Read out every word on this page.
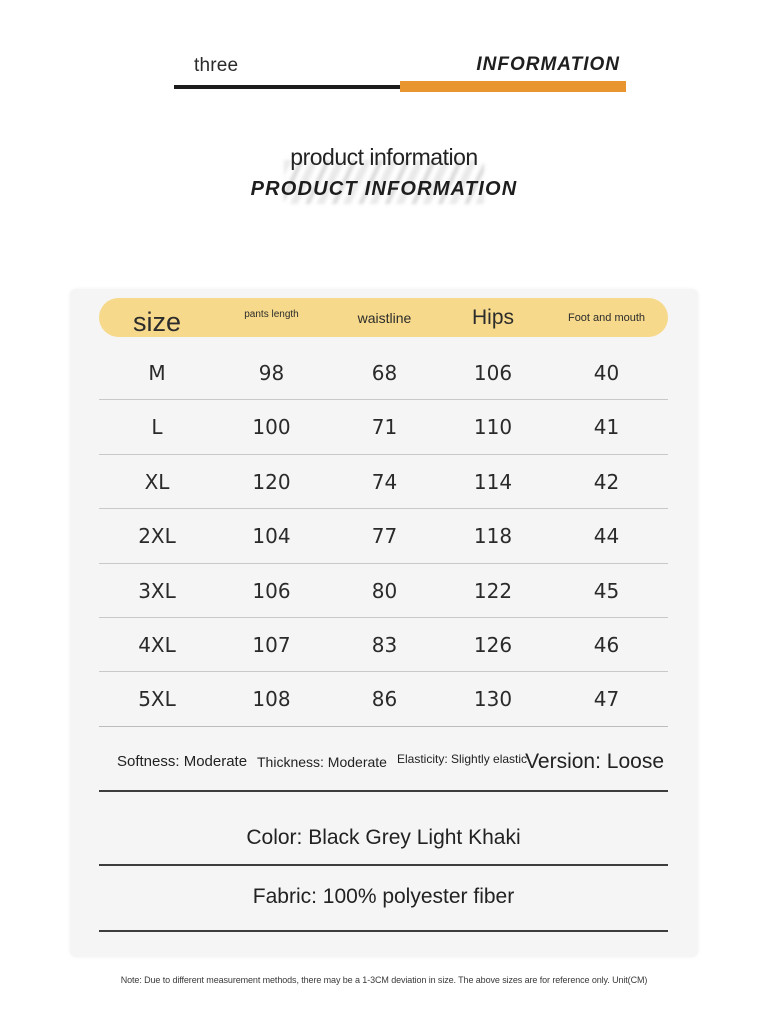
three	INFORMATION
product information
PRODUCT INFORMATION
size	pants length	waistline	Hips	Foot and mouth
M	98	68	106	40
L	100	71	110	41
XL	120	74	114	42
2XL	104	77	118	44
3XL	106	80	122	45
4XL	107	83	126	46
5XL	108	86	130	47
Softness: Moderate Thickness: Moderate Elasticity: Slightly elastic
Version: Loose
Color: Black Grey Light Khaki
Fabric: 100% polyester fiber
Note: Due to different measurement methods, there may be a 1-3CM deviation in size. The above sizes are for reference only. Unit(CM)
